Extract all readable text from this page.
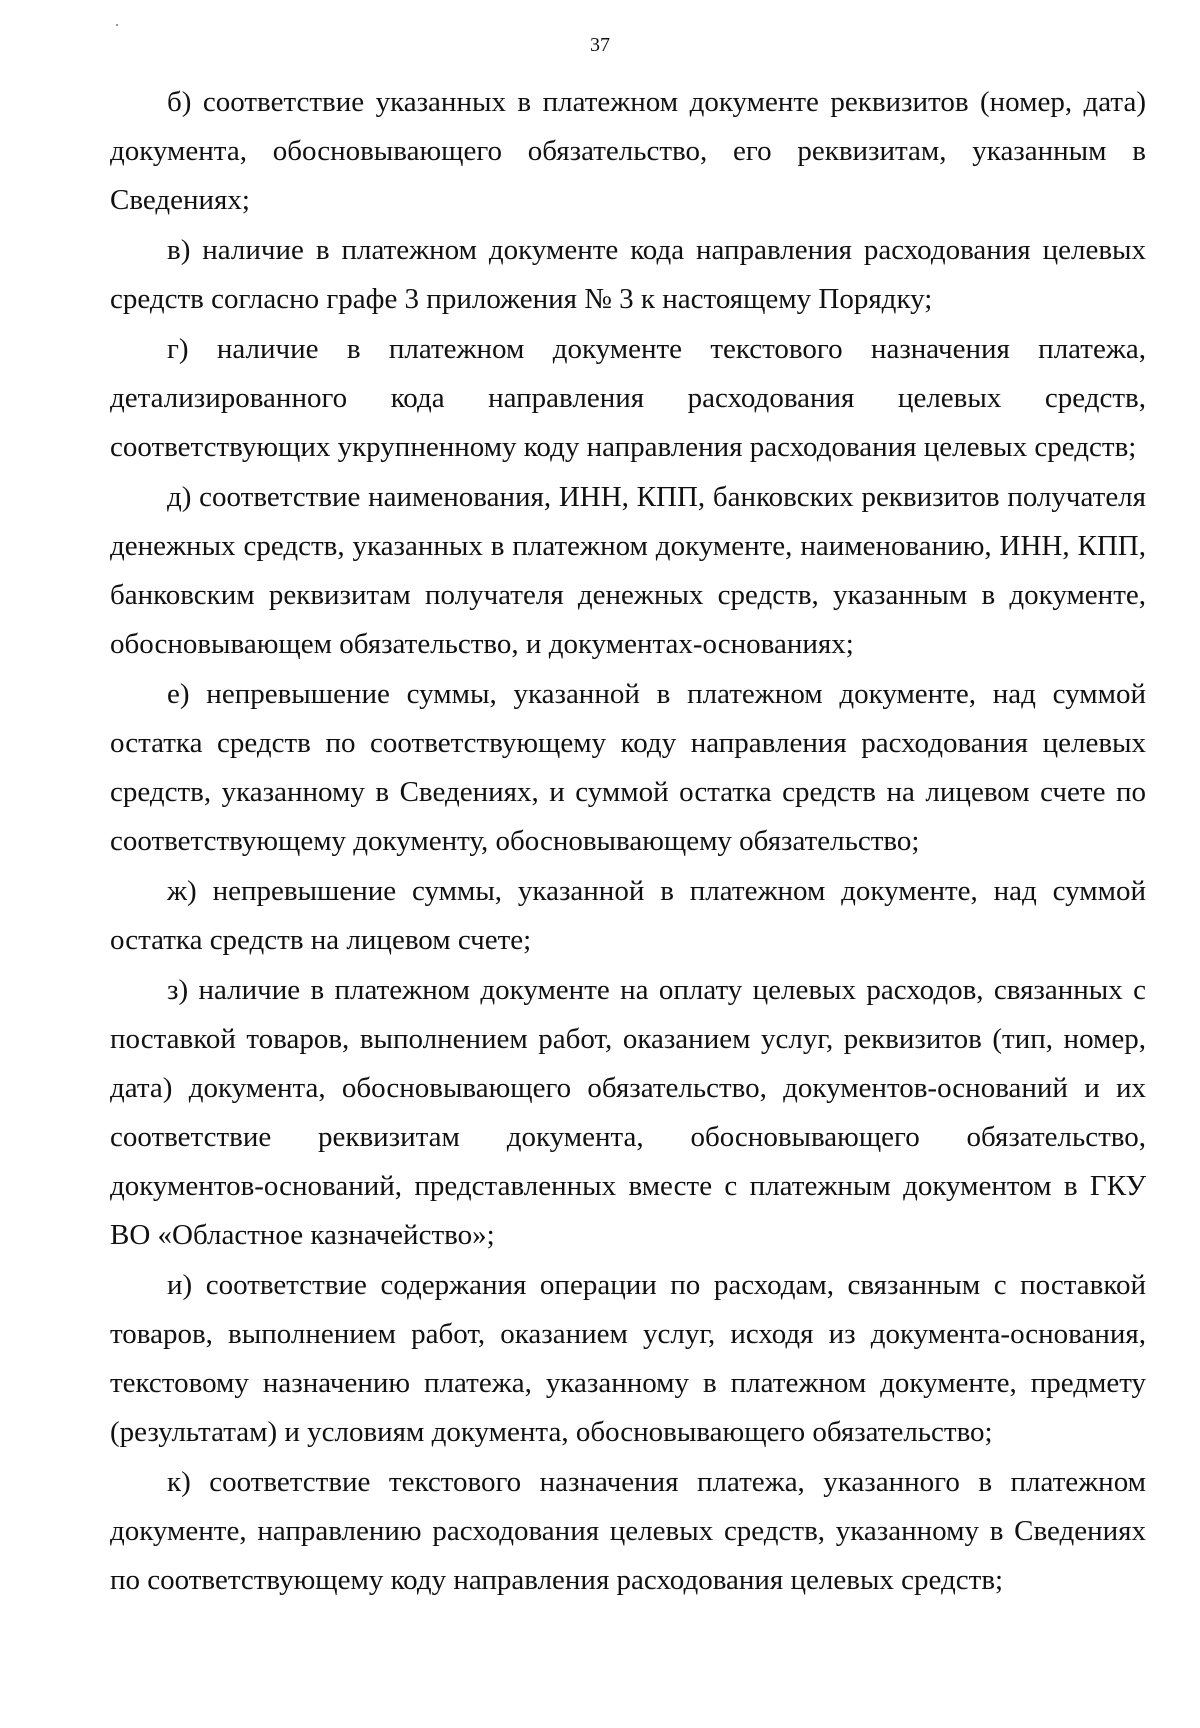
37

б) соответствие указанных в платежном документе реквизитов (номер, дата) документа, обосновывающего обязательство, его реквизитам, указанным в Сведениях;

в) наличие в платежном документе кода направления расходования целевых средств согласно графе 3 приложения № 3 к настоящему Порядку;

г) наличие в платежном документе текстового назначения платежа, детализированного кода направления расходования целевых средств, соответствующих укрупненному коду направления расходования целевых средств;

д) соответствие наименования, ИНН, КПП, банковских реквизитов получателя денежных средств, указанных в платежном документе, наименованию, ИНН, КПП, банковским реквизитам получателя денежных средств, указанным в документе, обосновывающем обязательство, и документах-основаниях;

е) непревышение суммы, указанной в платежном документе, над суммой остатка средств по соответствующему коду направления расходования целевых средств, указанному в Сведениях, и суммой остатка средств на лицевом счете по соответствующему документу, обосновывающему обязательство;

ж) непревышение суммы, указанной в платежном документе, над суммой остатка средств на лицевом счете;

з) наличие в платежном документе на оплату целевых расходов, связанных с поставкой товаров, выполнением работ, оказанием услуг, реквизитов (тип, номер, дата) документа, обосновывающего обязательство, документов-оснований и их соответствие реквизитам документа, обосновывающего обязательство, документов-оснований, представленных вместе с платежным документом в ГКУ ВО «Областное казначейство»;

и) соответствие содержания операции по расходам, связанным с поставкой товаров, выполнением работ, оказанием услуг, исходя из документа-основания, текстовому назначению платежа, указанному в платежном документе, предмету (результатам) и условиям документа, обосновывающего обязательство;

к) соответствие текстового назначения платежа, указанного в платежном документе, направлению расходования целевых средств, указанному в Сведениях по соответствующему коду направления расходования целевых средств;
